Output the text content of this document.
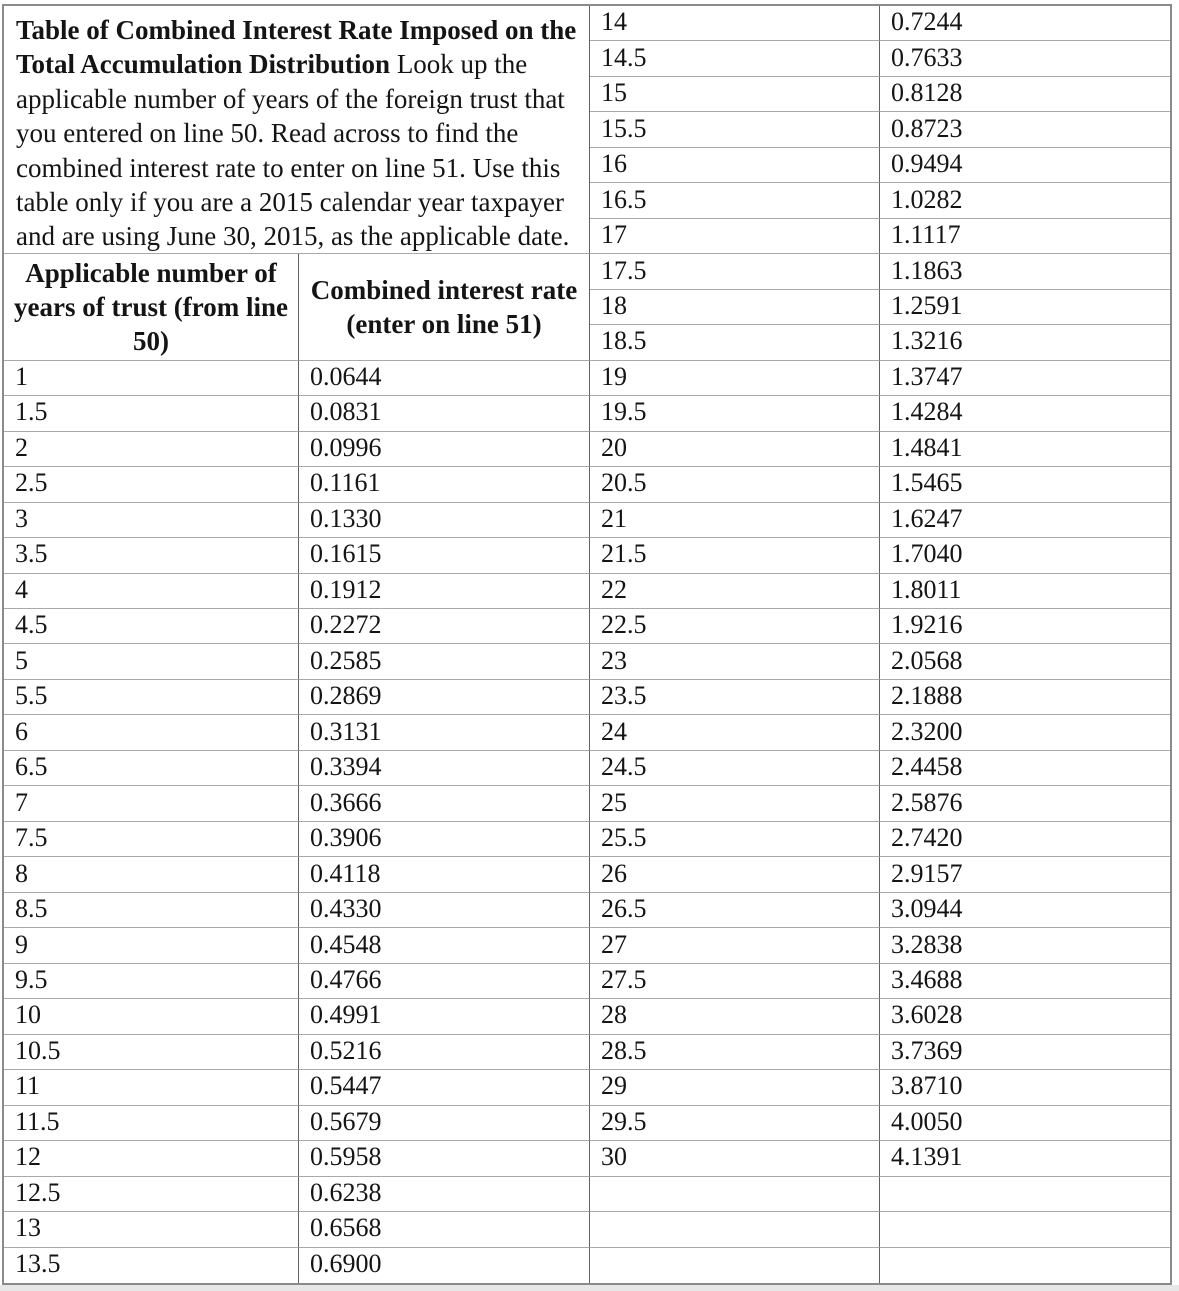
Table of Combined Interest Rate Imposed on the Total Accumulation Distribution Look up the applicable number of years of the foreign trust that you entered on line 50. Read across to find the combined interest rate to enter on line 51. Use this table only if you are a 2015 calendar year taxpayer and are using June 30, 2015, as the applicable date.
Applicable number of years of trust (from line 50)
Combined interest rate (enter on line 51)
14	0.7244
14.5	0.7633
15	0.8128
15.5	0.8723
16	0.9494
16.5	1.0282
17	1.1117
17.5	1.1863
18	1.2591
18.5	1.3216
19	1.3747
19.5	1.4284
20	1.4841
20.5	1.5465
21	1.6247
21.5	1.7040
22	1.8011
22.5	1.9216
23	2.0568
23.5	2.1888
24	2.3200
24.5	2.4458
25	2.5876
25.5	2.7420
26	2.9157
26.5	3.0944
27	3.2838
27.5	3.4688
28	3.6028
28.5	3.7369
29	3.8710
29.5	4.0050
30	4.1391
1	0.0644
1.5	0.0831
2	0.0996
2.5	0.1161
3	0.1330
3.5	0.1615
4	0.1912
4.5	0.2272
5	0.2585
5.5	0.2869
6	0.3131
6.5	0.3394
7	0.3666
7.5	0.3906
8	0.4118
8.5	0.4330
9	0.4548
9.5	0.4766
10	0.4991
10.5	0.5216
11	0.5447
11.5	0.5679
12	0.5958
12.5	0.6238
13	0.6568
13.5	0.6900
